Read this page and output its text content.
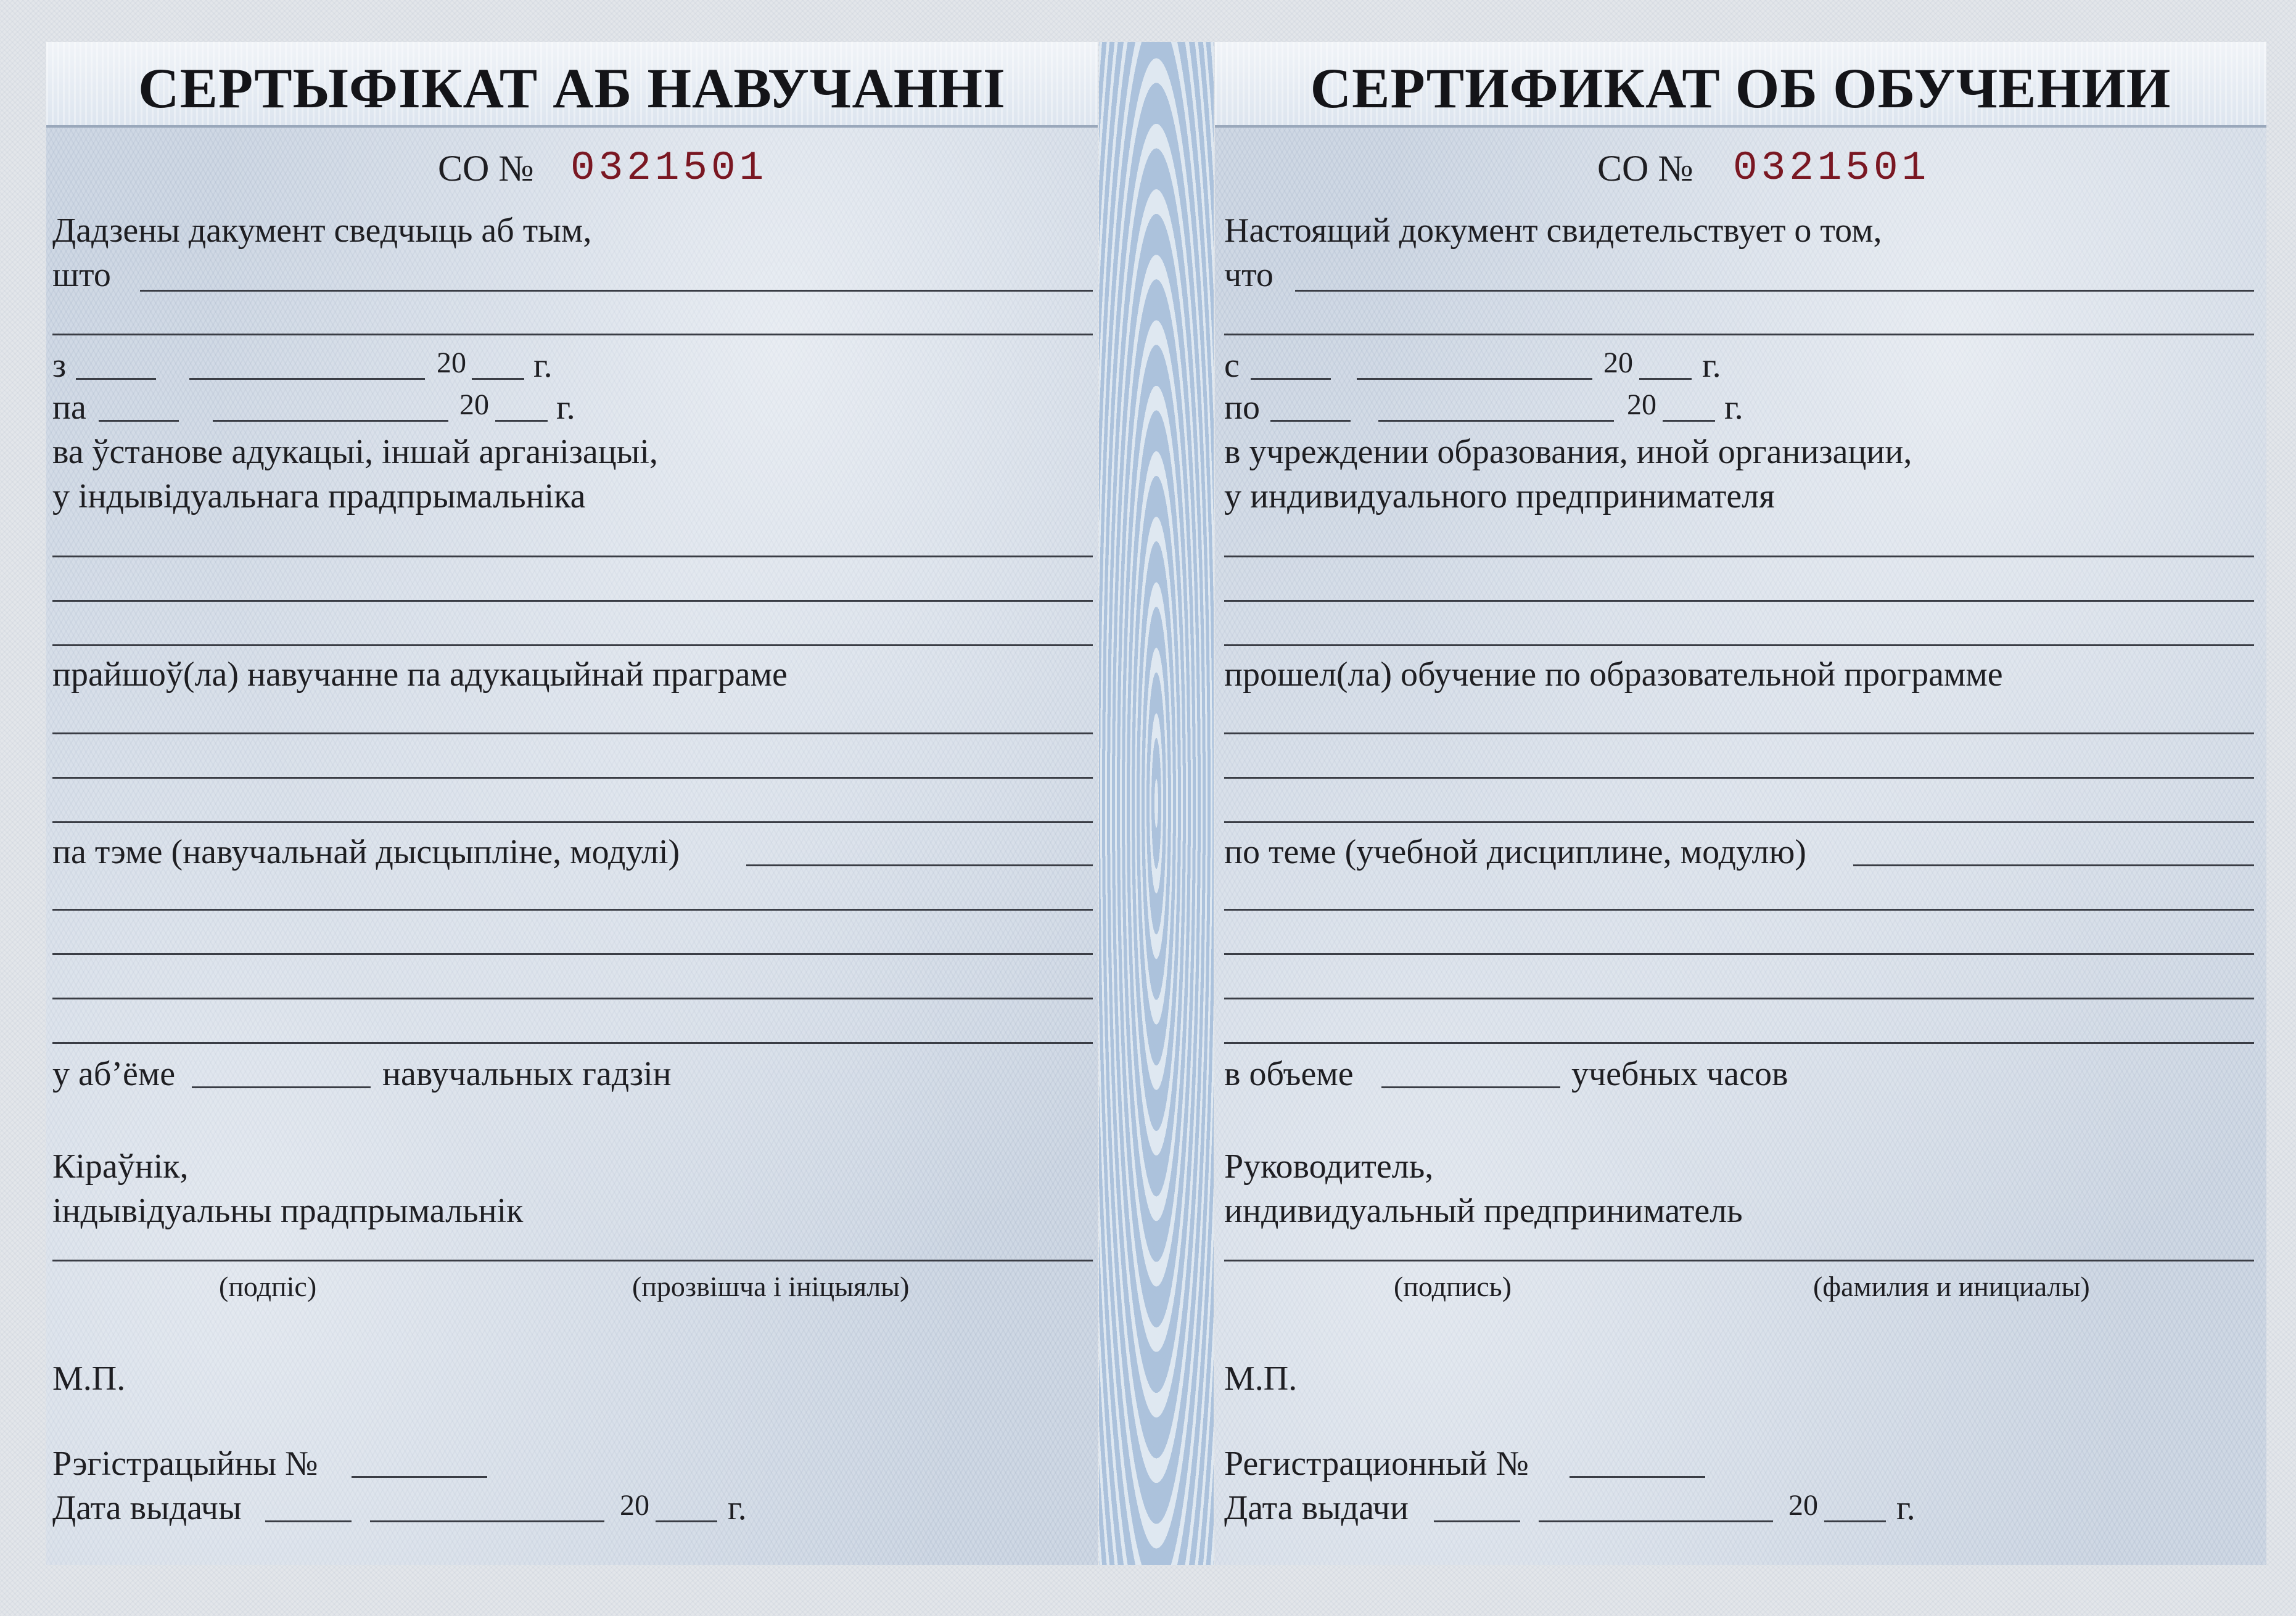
СЕРТЫФІКАТ АБ НАВУЧАННІ
СО № 0321501
Дадзены дакумент сведчыць аб тым,
што
з	20 г.
па	20 г.
ва ўстанове адукацыі, іншай арганізацыі,
у індывідуальнага прадпрымальніка
прайшоў(ла) навучанне па адукацыйнай праграме
па тэме (навучальнай дысцыпліне, модулі)
у аб’ёме	навучальных гадзін
Кіраўнік,
індывідуальны прадпрымальнік
(подпіс)	(прозвішча і ініцыялы)
М.П.
Рэгістрацыйны №
Дата выдачы	20 г.
СЕРТИФИКАТ ОБ ОБУЧЕНИИ
СО № 0321501
Настоящий документ свидетельствует о том,
что
с	20 г.
по	20 г.
в учреждении образования, иной организации,
у индивидуального предпринимателя
прошел(ла) обучение по образовательной программе
по теме (учебной дисциплине, модулю)
в объеме	учебных часов
Руководитель,
индивидуальный предприниматель
(подпись)	(фамилия и инициалы)
М.П.
Регистрационный №
Дата выдачи	20 г.
